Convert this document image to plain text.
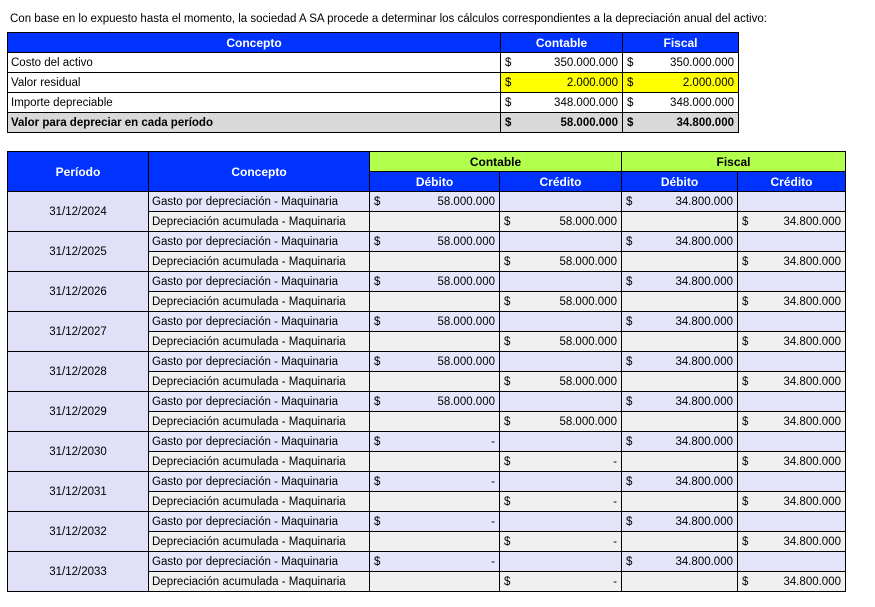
Con base en lo expuesto hasta el momento, la sociedad A SA procede a determinar los cálculos correspondientes a la depreciación anual del activo:
Concepto	Contable	Fiscal
Costo del activo	$ 350.000.000	$ 350.000.000

Valor residual	$ 2.000.000	$ 2.000.000

Importe depreciable	$ 348.000.000	$ 348.000.000

Valor para depreciar en cada período	$ 58.000.000	$ 34.800.000
Período	Concepto	Contable		Fiscal	
		Débito	Crédito	Débito	Crédito
31/12/2024	Gasto por depreciación - Maquinaria	$ 58.000.000		$ 34.800.000	

	Depreciación acumulada - Maquinaria		$ 58.000.000		$ 34.800.000

31/12/2025	Gasto por depreciación - Maquinaria	$ 58.000.000		$ 34.800.000	

	Depreciación acumulada - Maquinaria		$ 58.000.000		$ 34.800.000

31/12/2026	Gasto por depreciación - Maquinaria	$ 58.000.000		$ 34.800.000	

	Depreciación acumulada - Maquinaria		$ 58.000.000		$ 34.800.000

31/12/2027	Gasto por depreciación - Maquinaria	$ 58.000.000		$ 34.800.000	

	Depreciación acumulada - Maquinaria		$ 58.000.000		$ 34.800.000

31/12/2028	Gasto por depreciación - Maquinaria	$ 58.000.000		$ 34.800.000	

	Depreciación acumulada - Maquinaria		$ 58.000.000		$ 34.800.000

31/12/2029	Gasto por depreciación - Maquinaria	$ 58.000.000		$ 34.800.000	

	Depreciación acumulada - Maquinaria		$ 58.000.000		$ 34.800.000

31/12/2030	Gasto por depreciación - Maquinaria	$ -		$ 34.800.000	

	Depreciación acumulada - Maquinaria		$ -		$ 34.800.000

31/12/2031	Gasto por depreciación - Maquinaria	$ -		$ 34.800.000	

	Depreciación acumulada - Maquinaria		$ -		$ 34.800.000

31/12/2032	Gasto por depreciación - Maquinaria	$ -		$ 34.800.000	

	Depreciación acumulada - Maquinaria		$ -		$ 34.800.000

31/12/2033	Gasto por depreciación - Maquinaria	$ -		$ 34.800.000	

	Depreciación acumulada - Maquinaria		$ -		$ 34.800.000
